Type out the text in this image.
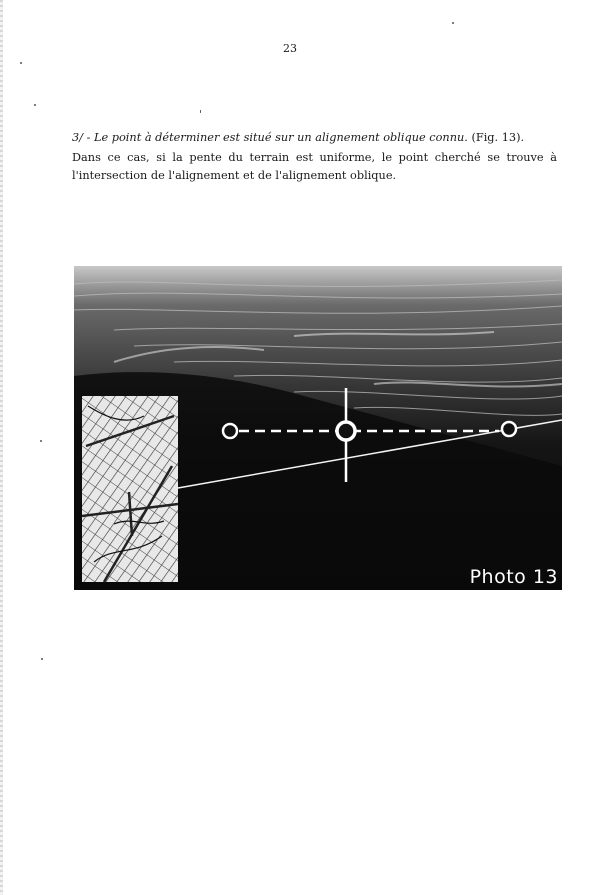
23
3/ - Le point à déterminer est situé sur un alignement oblique connu. (Fig. 13).
Dans ce cas, si la pente du terrain est uniforme, le point cherché se trouve à l'intersection de l'alignement et de l'alignement oblique.
Photo 13
